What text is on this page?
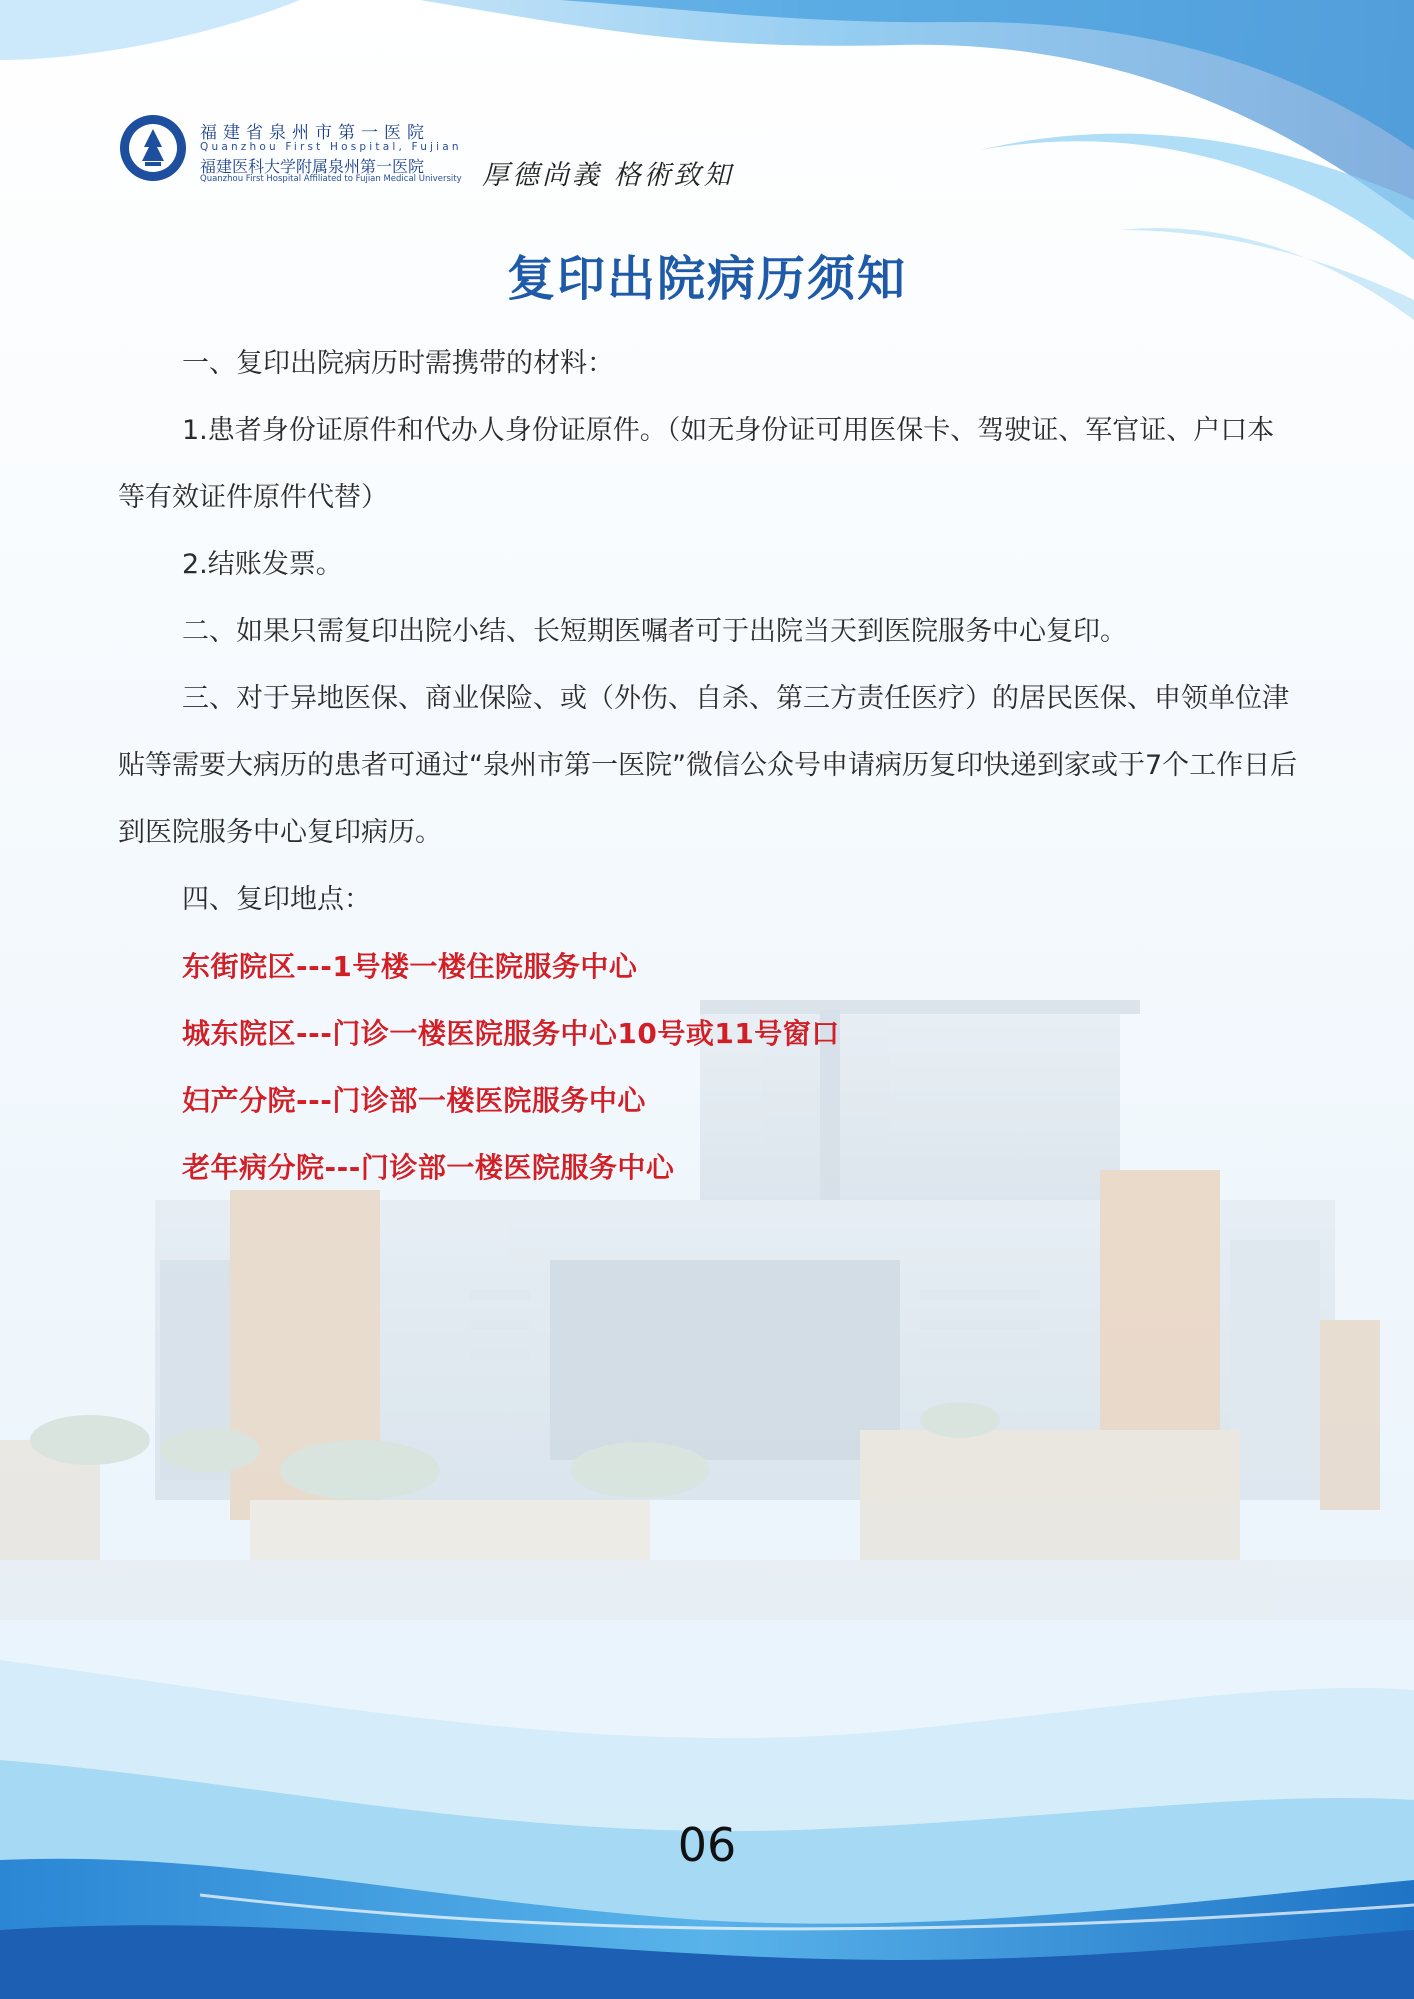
福建省泉州市第一医院
Quanzhou First Hospital, Fujian
福建医科大学附属泉州第一医院
Quanzhou First Hospital Affiliated to Fujian Medical University 厚德尚義 格術致知
复印出院病历须知

一、复印出院病历时需携带的材料：

1.患者身份证原件和代办人身份证原件。（如无身份证可用医保卡、驾驶证、军官证、户口本等有效证件原件代替）

2.结账发票。

二、如果只需复印出院小结、长短期医嘱者可于出院当天到医院服务中心复印。

三、对于异地医保、商业保险、或（外伤、自杀、第三方责任医疗）的居民医保、申领单位津贴等需要大病历的患者可通过“泉州市第一医院”微信公众号申请病历复印快递到家或于7个工作日后到医院服务中心复印病历。

四、复印地点：

东街院区---1号楼一楼住院服务中心

城东院区---门诊一楼医院服务中心10号或11号窗口

妇产分院---门诊部一楼医院服务中心

老年病分院---门诊部一楼医院服务中心

06
